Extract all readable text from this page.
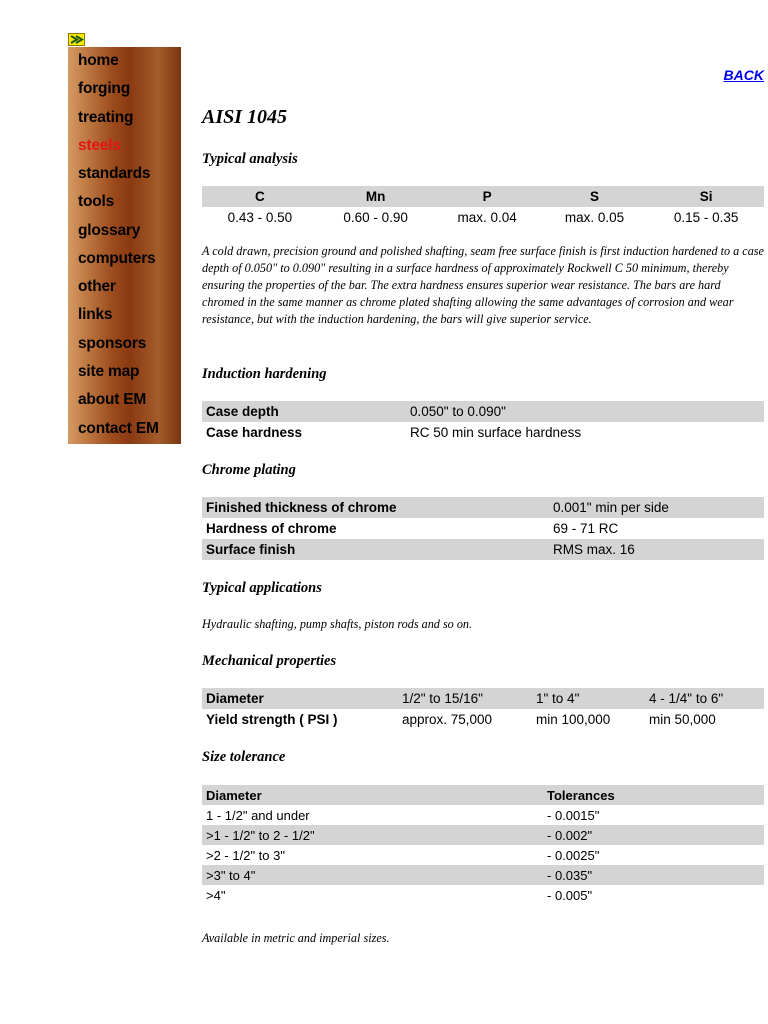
home
forging
treating
steels
standards
tools
glossary
computers
other
links
sponsors
site map
about EM
contact EM
BACK
AISI 1045
Typical analysis
C	Mn	P	S	Si
0.43 - 0.50	0.60 - 0.90	max. 0.04	max. 0.05	0.15 - 0.35
A cold drawn, precision ground and polished shafting, seam free surface finish is first induction hardened to a case depth of 0.050" to 0.090" resulting in a surface hardness of approximately Rockwell C 50 minimum, thereby ensuring the properties of the bar. The extra hardness ensures superior wear resistance. The bars are hard chromed in the same manner as chrome plated shafting allowing the same advantages of corrosion and wear resistance, but with the induction hardening, the bars will give superior service.
Induction hardening
Case depth	0.050" to 0.090"
Case hardness	RC 50 min surface hardness
Chrome plating
Finished thickness of chrome	0.001" min per side
Hardness of chrome	69 - 71 RC
Surface finish	RMS max. 16
Typical applications
Hydraulic shafting, pump shafts, piston rods and so on.
Mechanical properties
Diameter	1/2" to 15/16"	1" to 4"	4 - 1/4" to 6"
Yield strength ( PSI )	approx. 75,000	min 100,000	min 50,000
Size tolerance
Diameter	Tolerances
1 - 1/2" and under	- 0.0015"
>1 - 1/2" to 2 - 1/2"	- 0.002"
>2 - 1/2" to 3"	- 0.0025"
>3" to 4"	- 0.035"
>4"	- 0.005"
Available in metric and imperial sizes.
